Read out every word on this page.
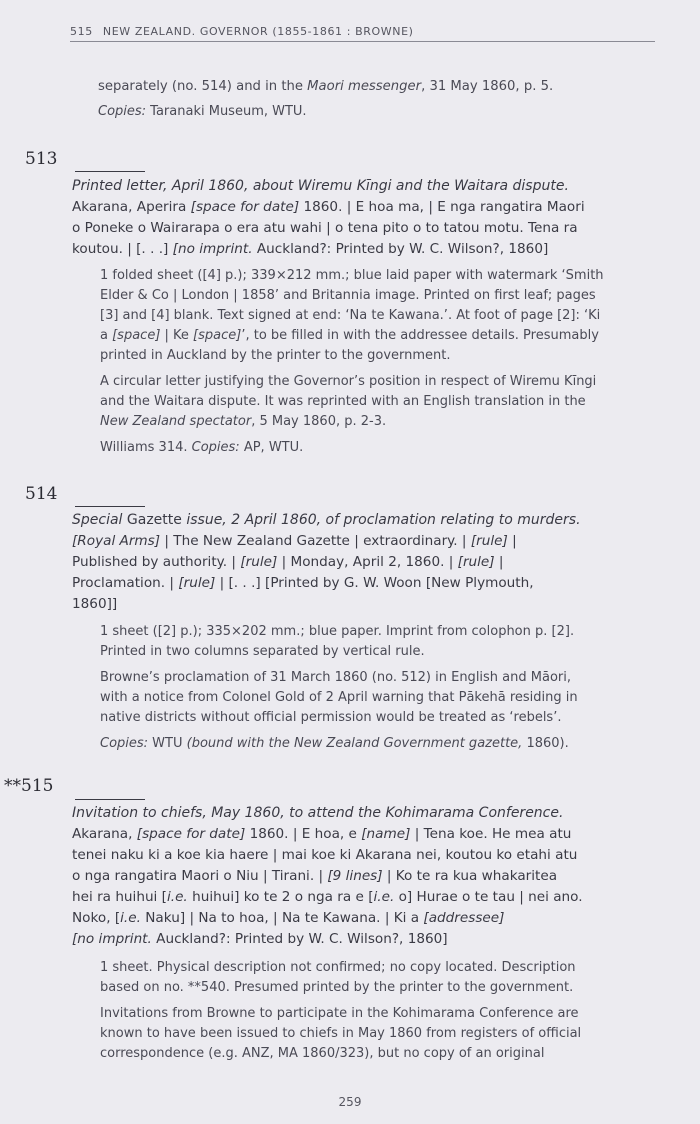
515 NEW ZEALAND. GOVERNOR (1855-1861 : BROWNE)

separately (no. 514) and in the Maori messenger, 31 May 1860, p. 5.

Copies: Taranaki Museum, WTU.

513

Printed letter, April 1860, about Wiremu Kīngi and the Waitara dispute.

Akarana, Aperira [space for date] 1860. | E hoa ma, | E nga rangatira Maori

o Poneke o Wairarapa o era atu wahi | o tena pito o to tatou motu. Tena ra

koutou. | [. . .] [no imprint. Auckland?: Printed by W. C. Wilson?, 1860]

1 folded sheet ([4] p.); 339×212 mm.; blue laid paper with watermark ‘Smith

Elder & Co | London | 1858’ and Britannia image. Printed on first leaf; pages

[3] and [4] blank. Text signed at end: ‘Na te Kawana.’. At foot of page [2]: ‘Ki

a [space] | Ke [space]’, to be filled in with the addressee details. Presumably

printed in Auckland by the printer to the government.

A circular letter justifying the Governor’s position in respect of Wiremu Kīngi

and the Waitara dispute. It was reprinted with an English translation in the

New Zealand spectator, 5 May 1860, p. 2-3.

Williams 314. Copies: AP, WTU.

514

Special Gazette issue, 2 April 1860, of proclamation relating to murders.

[Royal Arms] | The New Zealand Gazette | extraordinary. | [rule] |

Published by authority. | [rule] | Monday, April 2, 1860. | [rule] |

Proclamation. | [rule] | [. . .] [Printed by G. W. Woon [New Plymouth,

1860]]

1 sheet ([2] p.); 335×202 mm.; blue paper. Imprint from colophon p. [2].

Printed in two columns separated by vertical rule.

Browne’s proclamation of 31 March 1860 (no. 512) in English and Māori,

with a notice from Colonel Gold of 2 April warning that Pākehā residing in

native districts without official permission would be treated as ‘rebels’.

Copies: WTU (bound with the New Zealand Government gazette, 1860).

**515

Invitation to chiefs, May 1860, to attend the Kohimarama Conference.

Akarana, [space for date] 1860. | E hoa, e [name] | Tena koe. He mea atu

tenei naku ki a koe kia haere | mai koe ki Akarana nei, koutou ko etahi atu

o nga rangatira Maori o Niu | Tirani. | [9 lines] | Ko te ra kua whakaritea

hei ra huihui [i.e. huihui] ko te 2 o nga ra e [i.e. o] Hurae o te tau | nei ano.

Noko, [i.e. Naku] | Na to hoa, | Na te Kawana. | Ki a [addressee]

[no imprint. Auckland?: Printed by W. C. Wilson?, 1860]

1 sheet. Physical description not confirmed; no copy located. Description

based on no. **540. Presumed printed by the printer to the government.

Invitations from Browne to participate in the Kohimarama Conference are

known to have been issued to chiefs in May 1860 from registers of official

correspondence (e.g. ANZ, MA 1860/323), but no copy of an original

259
